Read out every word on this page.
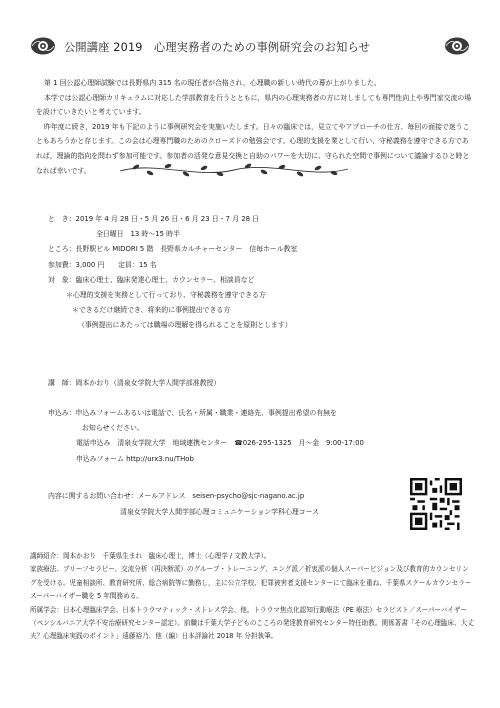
公開講座 2019　心理実務者のための事例研究会のお知らせ

第 1 回公認心理師試験では長野県内 315 名の現任者が合格され，心理職の新しい時代の幕が上がりました。

本学では公認心理師カリキュラムに対応した学部教育を行うとともに，県内の心理実務者の方に対しましても専門性向上や専門家交流の場を設けていきたいと考えています。

昨年度に続き，2019 年も下記のように事例研究会を実施いたします。日々の臨床では，見立てやアプローチの仕方、毎回の面接で迷うこともあろうかと存じます。この会は心理専門職のためのクローズドの勉強会です。心理的支援を業として行い、守秘義務を遵守できる方であれば，理論的指向を問わず参加可能です。参加者の活発な意見交換と自助のパワーを大切に、守られた空間で事例について議論するひと時となれば幸いです。

と　き：2019 年 4 月 28 日・5 月 26 日・6 月 23 日・7 月 28 日
全日曜日　13 時〜15 時半
ところ：長野駅ビル MIDORI 5 階　長野県カルチャーセンター　信毎ホール教室
参加費：3,000 円　　定員：15 名
対　象：臨床心理士、臨床発達心理士、カウンセラー、相談員など
＊心理的支援を実務として行っており、守秘義務を遵守できる方
＊できるだけ継続でき、将来的に事例提出できる方
（事例提出にあたっては職場の理解を得られることを原則とします）
講　師：岡本かおり（清泉女学院大学人間学部准教授）
申込み：申込みフォームあるいは電話で、氏名・所属・職業・連絡先、事例提出希望の有無を
お知らせください。
電話申込み　清泉女学院大学　地域連携センター　☎026-295-1325　月〜金　9:00-17:00
申込みフォーム http://urx3.nu/THob
内容に関するお問い合わせ：メールアドレス　seisen-psycho@sjc-nagano.ac.jp
清泉女学院大学人間学部心理コミュニケーション学科心理コース

講師紹介：岡本かおり　千葉県生まれ　臨床心理士，博士（心理学 / 文教大学）。

家族療法、ブリーフセラピー、交流分析（再決断派）のグループ・トレーニング、エング派／折衷派の個人スーパービジョン及び教育的カウンセリングを受ける。児童相談所、教育研究所、総合病院等に勤務し，主に公立学校、犯罪被害者支援センターにて臨床を重ね、千葉県スクールカウンセラースーパーバイザー職を 5 年間務める。

所属学会：日本心理臨床学会、日本トラウマティック・ストレス学会、他。トラウマ焦点化認知行動療法（PE 療法）セラピスト／スーパーバイザー（ペンシルバニア大学不安治療研究センター認定）。前職は千葉大学子どものこころの発達教育研究センター特任助教。関係著書「その心理臨床、大丈夫？心理臨床実践のポイント」遠藤裕乃、他（編）日本評論社 2018 年 分担執筆。
